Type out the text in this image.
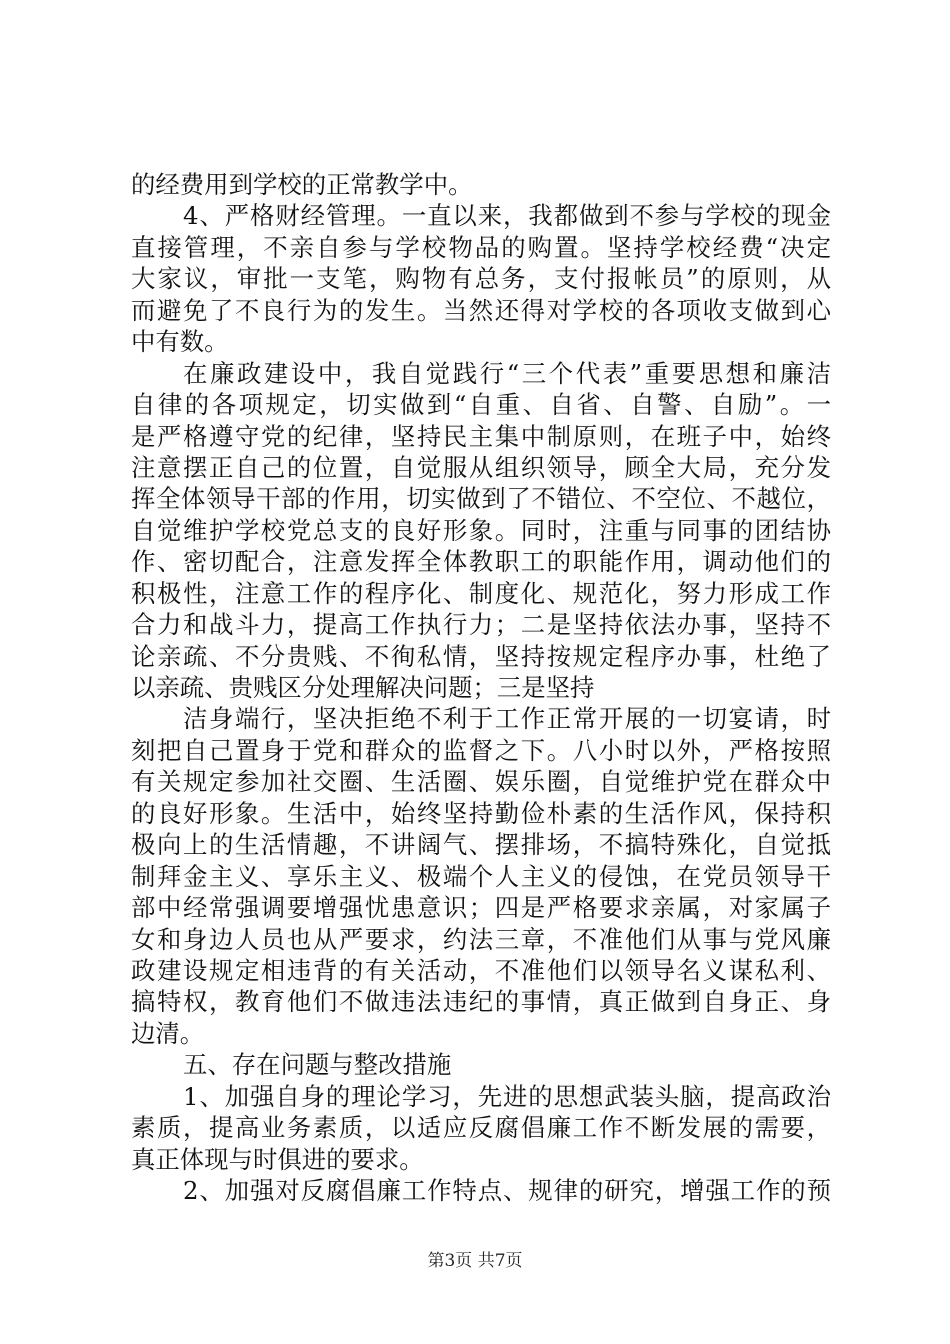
的经费用到学校的正常教学中。
4、严格财经管理。一直以来，我都做到不参与学校的现金
直接管理，不亲自参与学校物品的购置。坚持学校经费“决定
大家议，审批一支笔，购物有总务，支付报帐员”的原则，从
而避免了不良行为的发生。当然还得对学校的各项收支做到心
中有数。
在廉政建设中，我自觉践行“三个代表”重要思想和廉洁
自律的各项规定，切实做到“自重、自省、自警、自励”。一
是严格遵守党的纪律，坚持民主集中制原则，在班子中，始终
注意摆正自己的位置，自觉服从组织领导，顾全大局，充分发
挥全体领导干部的作用，切实做到了不错位、不空位、不越位，
自觉维护学校党总支的良好形象。同时，注重与同事的团结协
作、密切配合，注意发挥全体教职工的职能作用，调动他们的
积极性，注意工作的程序化、制度化、规范化，努力形成工作
合力和战斗力，提高工作执行力；二是坚持依法办事，坚持不
论亲疏、不分贵贱、不徇私情，坚持按规定程序办事，杜绝了
以亲疏、贵贱区分处理解决问题；三是坚持
洁身端行，坚决拒绝不利于工作正常开展的一切宴请，时
刻把自己置身于党和群众的监督之下。八小时以外，严格按照
有关规定参加社交圈、生活圈、娱乐圈，自觉维护党在群众中
的良好形象。生活中，始终坚持勤俭朴素的生活作风，保持积
极向上的生活情趣，不讲阔气、摆排场，不搞特殊化，自觉抵
制拜金主义、享乐主义、极端个人主义的侵蚀，在党员领导干
部中经常强调要增强忧患意识；四是严格要求亲属，对家属子
女和身边人员也从严要求，约法三章，不准他们从事与党风廉
政建设规定相违背的有关活动，不准他们以领导名义谋私利、
搞特权，教育他们不做违法违纪的事情，真正做到自身正、身
边清。
五、存在问题与整改措施
1、加强自身的理论学习，先进的思想武装头脑，提高政治
素质，提高业务素质，以适应反腐倡廉工作不断发展的需要，
真正体现与时俱进的要求。
2、加强对反腐倡廉工作特点、规律的研究，增强工作的预
第3页 共7页
